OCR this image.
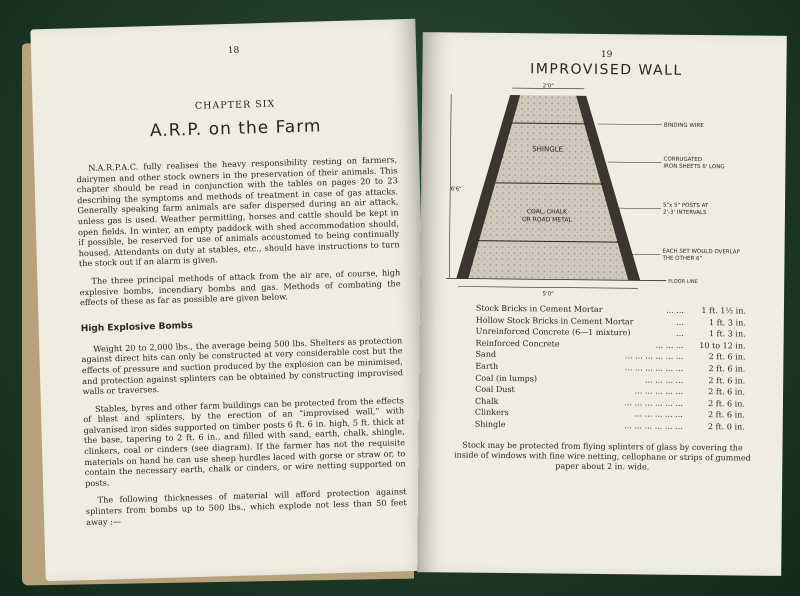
18
CHAPTER SIX
A.R.P. on the Farm

N.A.R.P.A.C. fully realises the heavy responsibility resting on farmers, dairymen and other stock owners in the preservation of their animals. This chapter should be read in conjunction with the tables on pages 20 to 23 describing the symptoms and methods of treatment in case of gas attacks. Generally speaking farm animals are safer dispersed during an air attack, unless gas is used. Weather permitting, horses and cattle should be kept in open fields. In winter, an empty paddock with shed accommodation should, if possible, be reserved for use of animals accustomed to being continually housed. Attendants on duty at stables, etc., should have instructions to turn the stock out if an alarm is given.

The three principal methods of attack from the air are, of course, high explosive bombs, incendiary bombs and gas. Methods of combating the effects of these as far as possible are given below.

High Explosive Bombs

Weight 20 to 2,000 lbs., the average being 500 lbs. Shelters as protection against direct hits can only be constructed at very considerable cost but the effects of pressure and suction produced by the explosion can be minimised, and protection against splinters can be obtained by constructing improvised walls or traverses.

Stables, byres and other farm buildings can be protected from the effects of blast and splinters, by the erection of an “improvised wall,” with galvanised iron sides supported on timber posts 6 ft. 6 in. high, 5 ft. thick at the base, tapering to 2 ft. 6 in., and filled with sand, earth, chalk, shingle, clinkers, coal or cinders (see diagram). If the farmer has not the requisite materials on hand he can use sheep hurdles laced with gorse or straw or, to contain the necessary earth, chalk or cinders, or wire netting supported on posts.

The following thicknesses of material will afford protection against splinters from bombs up to 500 lbs., which explode not less than 50 feet away :—

19
IMPROVISED WALL
2'0"
5'0"
6'6"
SHINGLE
COAL, CHALK
OR ROAD METAL
BINDING WIRE
CORRUGATED
IRON SHEETS 6' LONG
5"x 5" POSTS AT
2'-3' INTERVALS
EACH SET WOULD OVERLAP
THE OTHER 6"
FLOOR LINE
Stock Bricks in Cement Mortar	... ...	1 ft. 1½ in.
Hollow Stock Bricks in Cement Mortar	...	1 ft. 3 in.
Unreinforced Concrete (6—1 mixture)	...	1 ft. 3 in.
Reinforced Concrete	... ... ...	10 to 12 in.
Sand	... ... ... ... ... ...	2 ft. 6 in.
Earth	... ... ... ... ... ...	2 ft. 6 in.
Coal (in lumps)	... ... ... ...	2 ft. 6 in.
Coal Dust	... ... ... ... ...	2 ft. 6 in.
Chalk	... ... ... ... ... ...	2 ft. 6 in.
Clinkers	... ... ... ... ...	2 ft. 6 in.
Shingle	... ... ... ... ... ...	2 ft. 0 in.

Stock may be protected from flying splinters of glass by covering the inside of windows with fine wire netting, cellophane or strips of gummed paper about 2 in. wide.
